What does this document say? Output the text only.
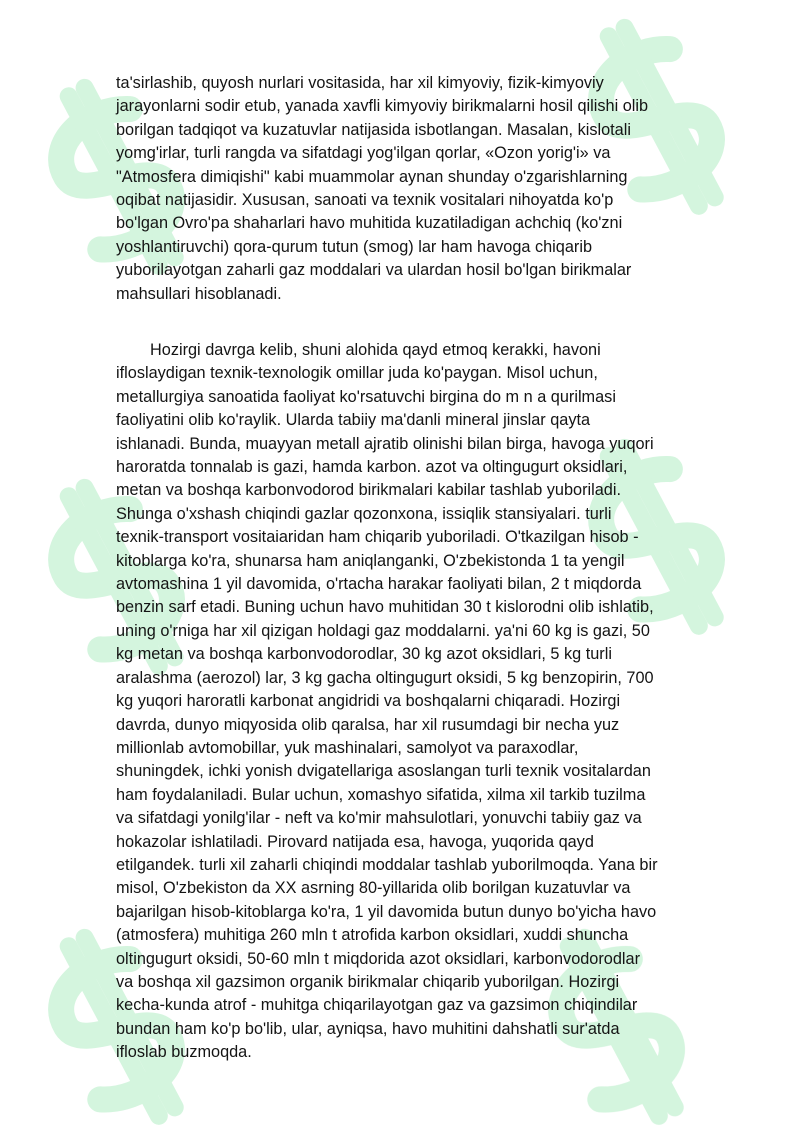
ta'sirlashib, quyosh nurlari vositasida, har xil kimyoviy, fizik-kimyoviy
jarayonlarni sodir etub, yanada xavfli kimyoviy birikmalarni hosil qilishi olib
borilgan tadqiqot va kuzatuvlar natijasida isbotlangan. Masalan, kislotali
yomg'irlar, turli rangda va sifatdagi yog'ilgan qorlar, «Ozon yorig'i» va
"Atmosfera dimiqishi" kabi muammolar aynan shunday o'zgarishlarning
oqibat natijasidir. Xususan, sanoati va texnik vositalari nihoyatda ko'p
bo'lgan Ovro'pa shaharlari havo muhitida kuzatiladigan achchiq (ko'zni
yoshlantiruvchi) qora-qurum tutun (smog) lar ham havoga chiqarib
yuborilayotgan zaharli gaz moddalari va ulardan hosil bo'lgan birikmalar
mahsullari hisoblanadi.

Hozirgi davrga kelib, shuni alohida qayd etmoq kerakki, havoni
ifloslaydigan texnik-texnologik omillar juda ko'paygan. Misol uchun,
metallurgiya sanoatida faoliyat ko'rsatuvchi birgina do m n a qurilmasi
faoliyatini olib ko'raylik. Ularda tabiiy ma'danli mineral jinslar qayta
ishlanadi. Bunda, muayyan metall ajratib olinishi bilan birga, havoga yuqori
haroratda tonnalab is gazi, hamda karbon. azot va oltingugurt oksidlari,
metan va boshqa karbonvodorod birikmalari kabilar tashlab yuboriladi.
Shunga o'xshash chiqindi gazlar qozonxona, issiqlik stansiyalari. turli
texnik-transport vositaiaridan ham chiqarib yuboriladi. O'tkazilgan hisob -
kitoblarga ko'ra, shunarsa ham aniqlanganki, O'zbekistonda 1 ta yengil
avtomashina 1 yil davomida, o'rtacha harakar faoliyati bilan, 2 t miqdorda
benzin sarf etadi. Buning uchun havo muhitidan 30 t kislorodni olib ishlatib,
uning o'rniga har xil qizigan holdagi gaz moddalarni. ya'ni 60 kg is gazi, 50
kg metan va boshqa karbonvodorodlar, 30 kg azot oksidlari, 5 kg turli
aralashma (aerozol) lar, 3 kg gacha oltingugurt oksidi, 5 kg benzopirin, 700
kg yuqori haroratli karbonat angidridi va boshqalarni chiqaradi. Hozirgi
davrda, dunyo miqyosida olib qaralsa, har xil rusumdagi bir necha yuz
millionlab avtomobillar, yuk mashinalari, samolyot va paraxodlar,
shuningdek, ichki yonish dvigatellariga asoslangan turli texnik vositalardan
ham foydalaniladi. Bular uchun, xomashyo sifatida, xilma xil tarkib tuzilma
va sifatdagi yonilg'ilar - neft va ko'mir mahsulotlari, yonuvchi tabiiy gaz va
hokazolar ishlatiladi. Pirovard natijada esa, havoga, yuqorida qayd
etilgandek. turli xil zaharli chiqindi moddalar tashlab yuborilmoqda. Yana bir
misol, O'zbekiston da XX asrning 80-yillarida olib borilgan kuzatuvlar va
bajarilgan hisob-kitoblarga ko'ra, 1 yil davomida butun dunyo bo'yicha havo
(atmosfera) muhitiga 260 mln t atrofida karbon oksidlari, xuddi shuncha
oltingugurt oksidi, 50-60 mln t miqdorida azot oksidlari, karbonvodorodlar
va boshqa xil gazsimon organik birikmalar chiqarib yuborilgan. Hozirgi
kecha-kunda atrof - muhitga chiqarilayotgan gaz va gazsimon chiqindilar
bundan ham ko'p bo'lib, ular, ayniqsa, havo muhitini dahshatli sur'atda
ifloslab buzmoqda.
